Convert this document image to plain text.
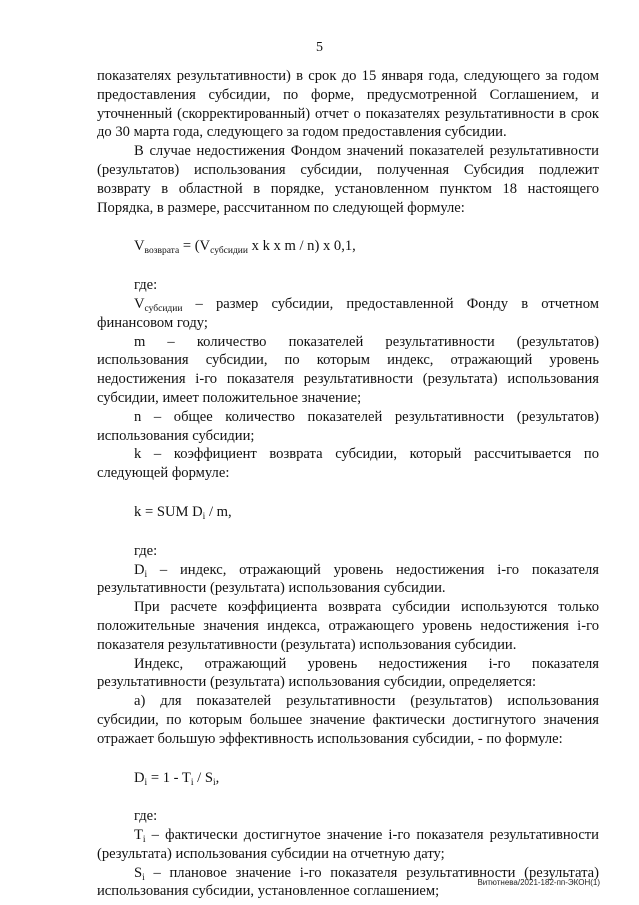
5

показателях результативности) в срок до 15 января года, следующего за годом предоставления субсидии, по форме, предусмотренной Соглашением, и уточненный (скорректированный) отчет о показателях результативности в срок до 30 марта года, следующего за годом предоставления субсидии.

В случае недостижения Фондом значений показателей результативности (результатов) использования субсидии, полученная Субсидия подлежит возврату в областной в порядке, установленном пунктом 18 настоящего Порядка, в размере, рассчитанном по следующей формуле:

$V_{возврата} = (V_{субсидии}$ x k x m / n) x 0,1,

где:

$V_{субсидии}$ – размер субсидии, предоставленной Фонду в отчетном финансовом году;

m – количество показателей результативности (результатов) использования субсидии, по которым индекс, отражающий уровень недостижения i-го показателя результативности (результата) использования субсидии, имеет положительное значение;

n – общее количество показателей результативности (результатов) использования субсидии;

k – коэффициент возврата субсидии, который рассчитывается по следующей формуле:

k = SUM $D_i$ / m,

где:

$D_i$ – индекс, отражающий уровень недостижения i-го показателя результативности (результата) использования субсидии.

При расчете коэффициента возврата субсидии используются только положительные значения индекса, отражающего уровень недостижения i-го показателя результативности (результата) использования субсидии.

Индекс, отражающий уровень недостижения i-го показателя результативности (результата) использования субсидии, определяется:

а) для показателей результативности (результатов) использования субсидии, по которым большее значение фактически достигнутого значения отражает большую эффективность использования субсидии, - по формуле:

$D_i = 1 - T_i / S_i$,

где:

$T_i$ – фактически достигнутое значение i-го показателя результативности (результата) использования субсидии на отчетную дату;

$S_i$ – плановое значение i-го показателя результативности (результата) использования субсидии, установленное соглашением;

Витютнева/2021-182-пп-ЭКОН(1)
